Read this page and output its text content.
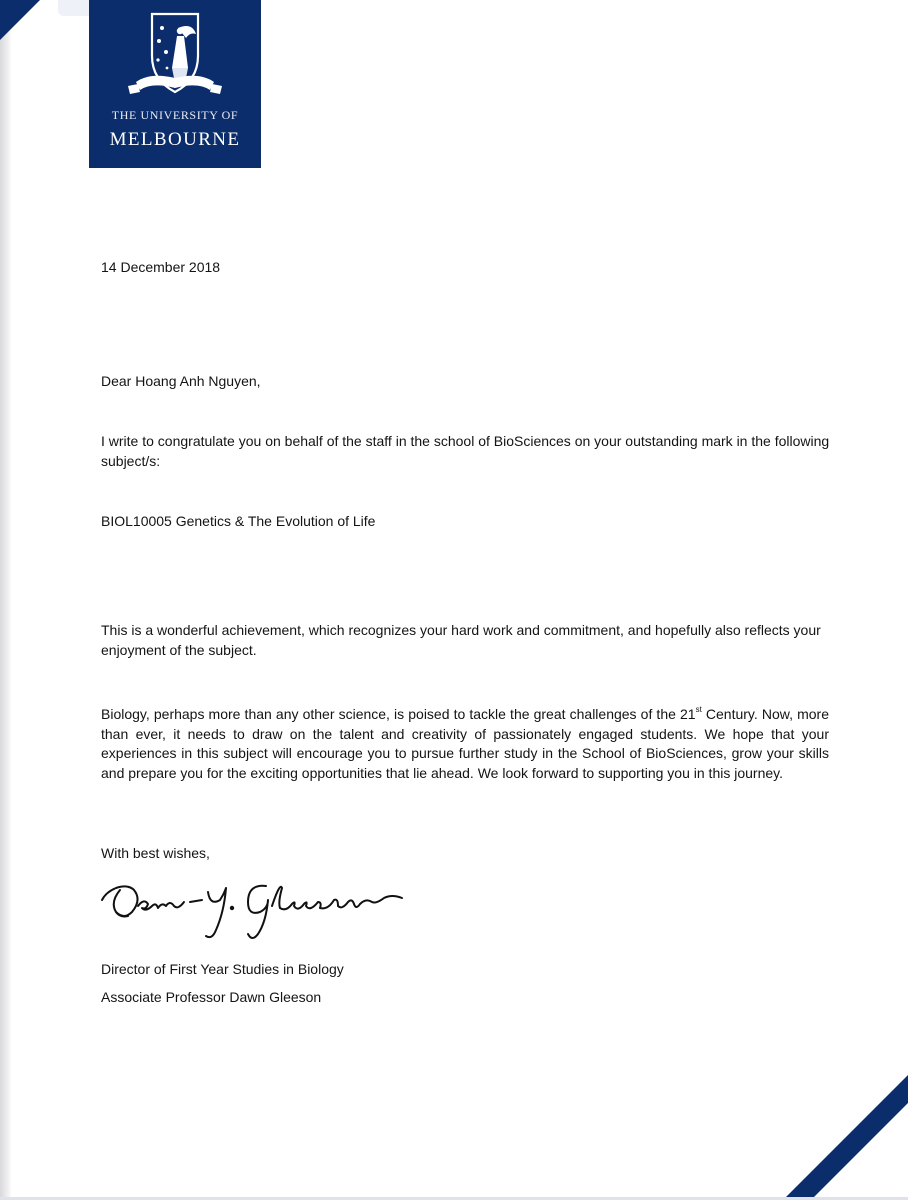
THE UNIVERSITY OF
MELBOURNE
14 December 2018
Dear Hoang Anh Nguyen,
I write to congratulate you on behalf of the staff in the school of BioSciences on your outstanding mark in the following subject/s:
BIOL10005 Genetics & The Evolution of Life
This is a wonderful achievement, which recognizes your hard work and commitment, and hopefully also reflects your enjoyment of the subject.
Biology, perhaps more than any other science, is poised to tackle the great challenges of the 21st Century. Now, more than ever, it needs to draw on the talent and creativity of passionately engaged students. We hope that your experiences in this subject will encourage you to pursue further study in the School of BioSciences, grow your skills and prepare you for the exciting opportunities that lie ahead. We look forward to supporting you in this journey.
With best wishes,
Director of First Year Studies in Biology
Associate Professor Dawn Gleeson
